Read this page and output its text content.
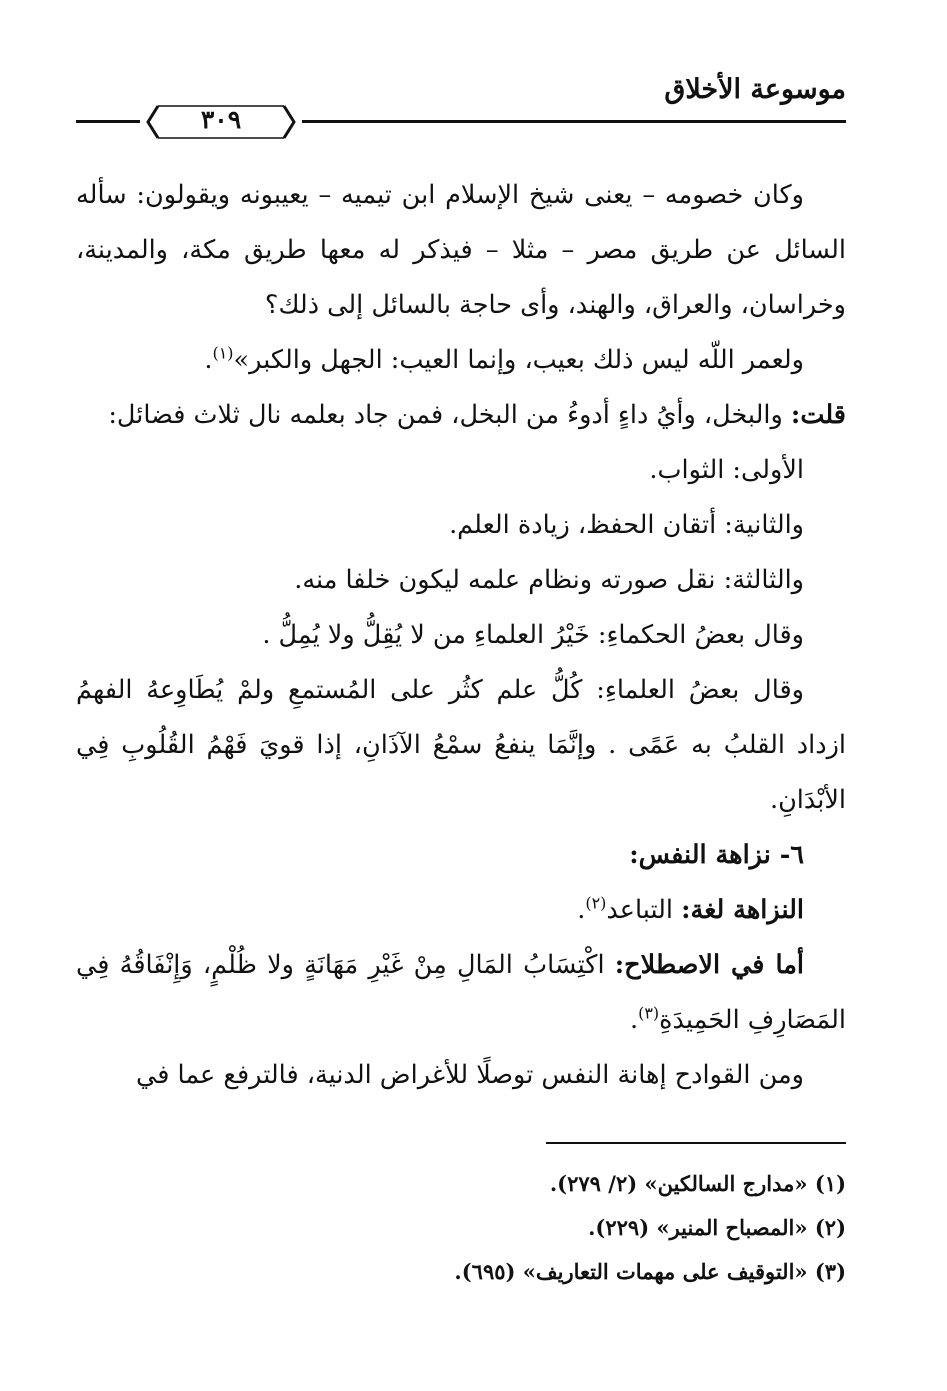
موسوعة الأخلاق
٣٠٩

وكان خصومه – يعنى شيخ الإسلام ابن تيميه – يعيبونه ويقولون: سأله السائل عن طريق مصر – مثلا – فيذكر له معها طريق مكة، والمدينة، وخراسان، والعراق، والهند، وأى حاجة بالسائل إلى ذلك؟

ولعمر اللّه ليس ذلك بعيب، وإنما العيب: الجهل والكبر»$^{(١)}$.

قلت: والبخل، وأيُ داءٍ أدوءُ من البخل، فمن جاد بعلمه نال ثلاث فضائل:

الأولى: الثواب.

والثانية: أتقان الحفظ، زيادة العلم.

والثالثة: نقل صورته ونظام علمه ليكون خلفا منه.

وقال بعضُ الحكماءِ: خَيْرُ العلماءِ من لا يُقِلُّ ولا يُمِلُّ .

وقال بعضُ العلماءِ: كُلُّ علم كثُر على المُستمعِ ولمْ يُطَاوِعهُ الفهمُ ازداد القلبُ به عَمًى . وإنَّمَا ينفعُ سمْعُ الآذَانِ، إذا قويَ فَهْمُ القُلُوبِ فِي الأبْدَانِ.

٦- نزاهة النفس:

النزاهة لغة: التباعد$^{(٢)}$.

أما في الاصطلاح: اكْتِسَابُ المَالِ مِنْ غَيْرِ مَهَانَةٍ ولا ظُلْمٍ، وَإِنْفَاقُهُ فِي المَصَارِفِ الحَمِيدَةِ$^{(٣)}$.

ومن القوادح إهانة النفس توصلًا للأغراض الدنية، فالترفع عما في

(١) «مدارج السالكين» (٢/ ٢٧٩).

(٢) «المصباح المنير» (٢٢٩).

(٣) «التوقيف على مهمات التعاريف» (٦٩٥).
